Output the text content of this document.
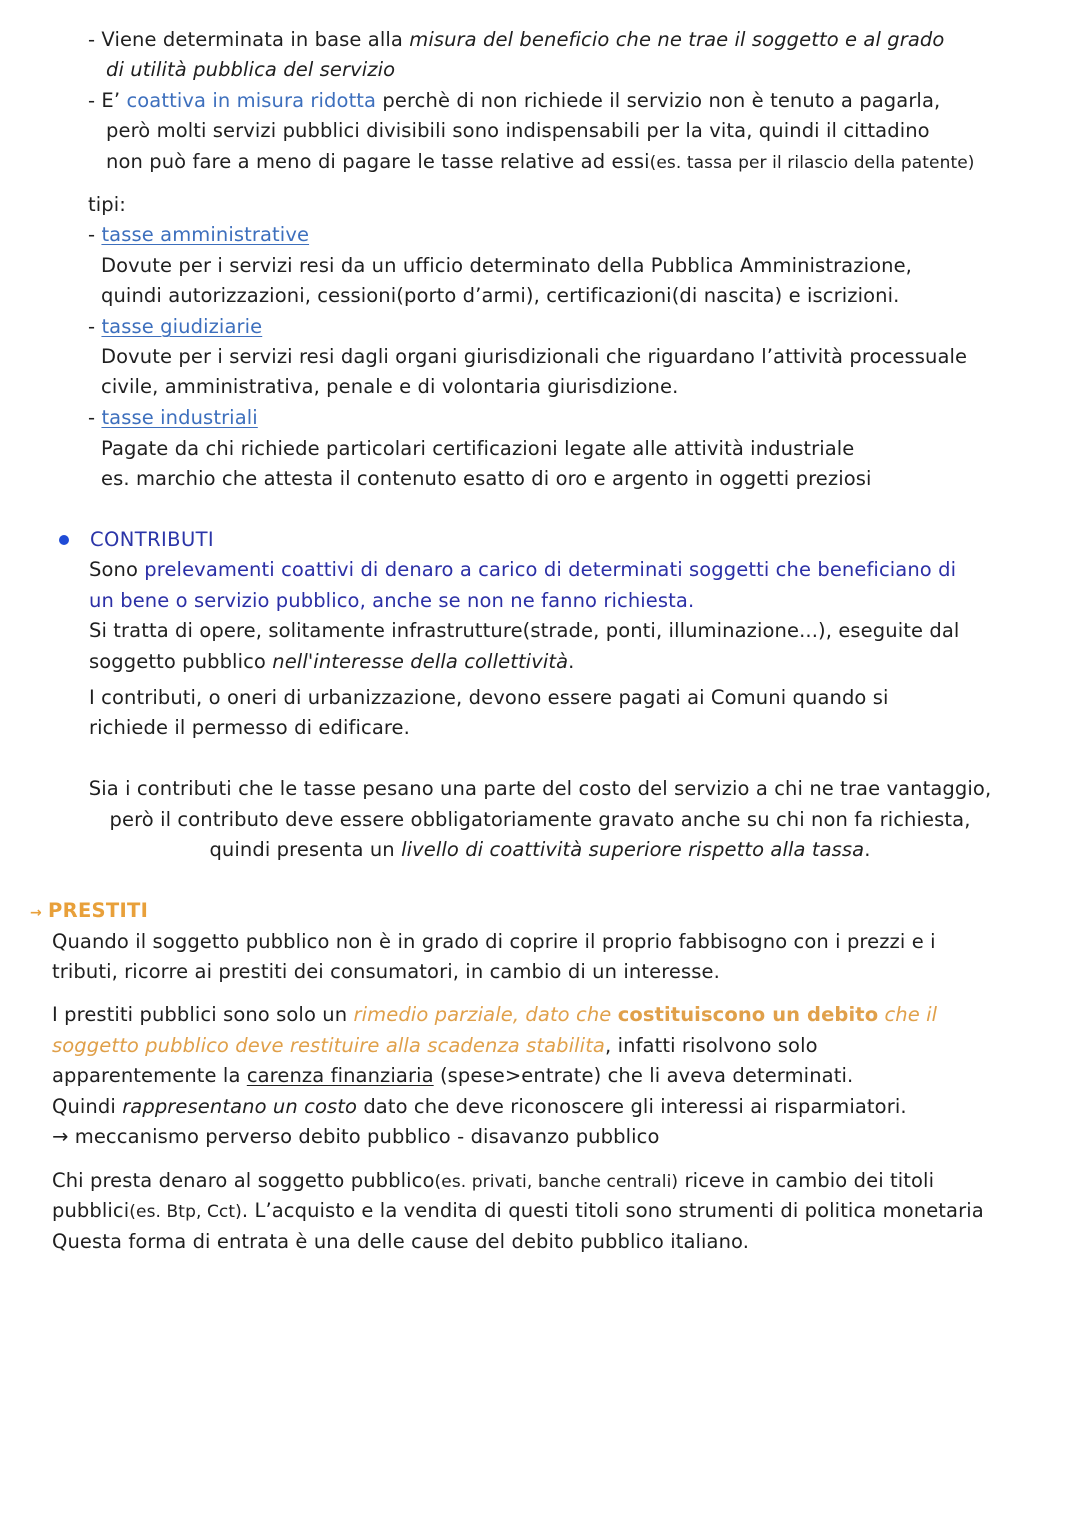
- Viene determinata in base alla misura del beneficio che ne trae il soggetto e al grado
di utilità pubblica del servizio
- E’ coattiva in misura ridotta perchè di non richiede il servizio non è tenuto a pagarla,
però molti servizi pubblici divisibili sono indispensabili per la vita, quindi il cittadino
non può fare a meno di pagare le tasse relative ad essi(es. tassa per il rilascio della patente)
tipi:
- tasse amministrative
Dovute per i servizi resi da un ufficio determinato della Pubblica Amministrazione,
quindi autorizzazioni, cessioni(porto d’armi), certificazioni(di nascita) e iscrizioni.
- tasse giudiziarie
Dovute per i servizi resi dagli organi giurisdizionali che riguardano l’attività processuale
civile, amministrativa, penale e di volontaria giurisdizione.
- tasse industriali
Pagate da chi richiede particolari certificazioni legate alle attività industriale
es. marchio che attesta il contenuto esatto di oro e argento in oggetti preziosi
CONTRIBUTI
Sono prelevamenti coattivi di denaro a carico di determinati soggetti che beneficiano di
un bene o servizio pubblico, anche se non ne fanno richiesta.
Si tratta di opere, solitamente infrastrutture(strade, ponti, illuminazione...), eseguite dal
soggetto pubblico nell'interesse della collettività.
I contributi, o oneri di urbanizzazione, devono essere pagati ai Comuni quando si
richiede il permesso di edificare.
Sia i contributi che le tasse pesano una parte del costo del servizio a chi ne trae vantaggio,
però il contributo deve essere obbligatoriamente gravato anche su chi non fa richiesta,
quindi presenta un livello di coattività superiore rispetto alla tassa.
→ PRESTITI
Quando il soggetto pubblico non è in grado di coprire il proprio fabbisogno con i prezzi e i
tributi, ricorre ai prestiti dei consumatori, in cambio di un interesse.
I prestiti pubblici sono solo un rimedio parziale, dato che costituiscono un debito che il
soggetto pubblico deve restituire alla scadenza stabilita, infatti risolvono solo
apparentemente la carenza finanziaria (spese>entrate) che li aveva determinati.
Quindi rappresentano un costo dato che deve riconoscere gli interessi ai risparmiatori.
→ meccanismo perverso debito pubblico - disavanzo pubblico
Chi presta denaro al soggetto pubblico(es. privati, banche centrali) riceve in cambio dei titoli
pubblici(es. Btp, Cct). L’acquisto e la vendita di questi titoli sono strumenti di politica monetaria
Questa forma di entrata è una delle cause del debito pubblico italiano.
